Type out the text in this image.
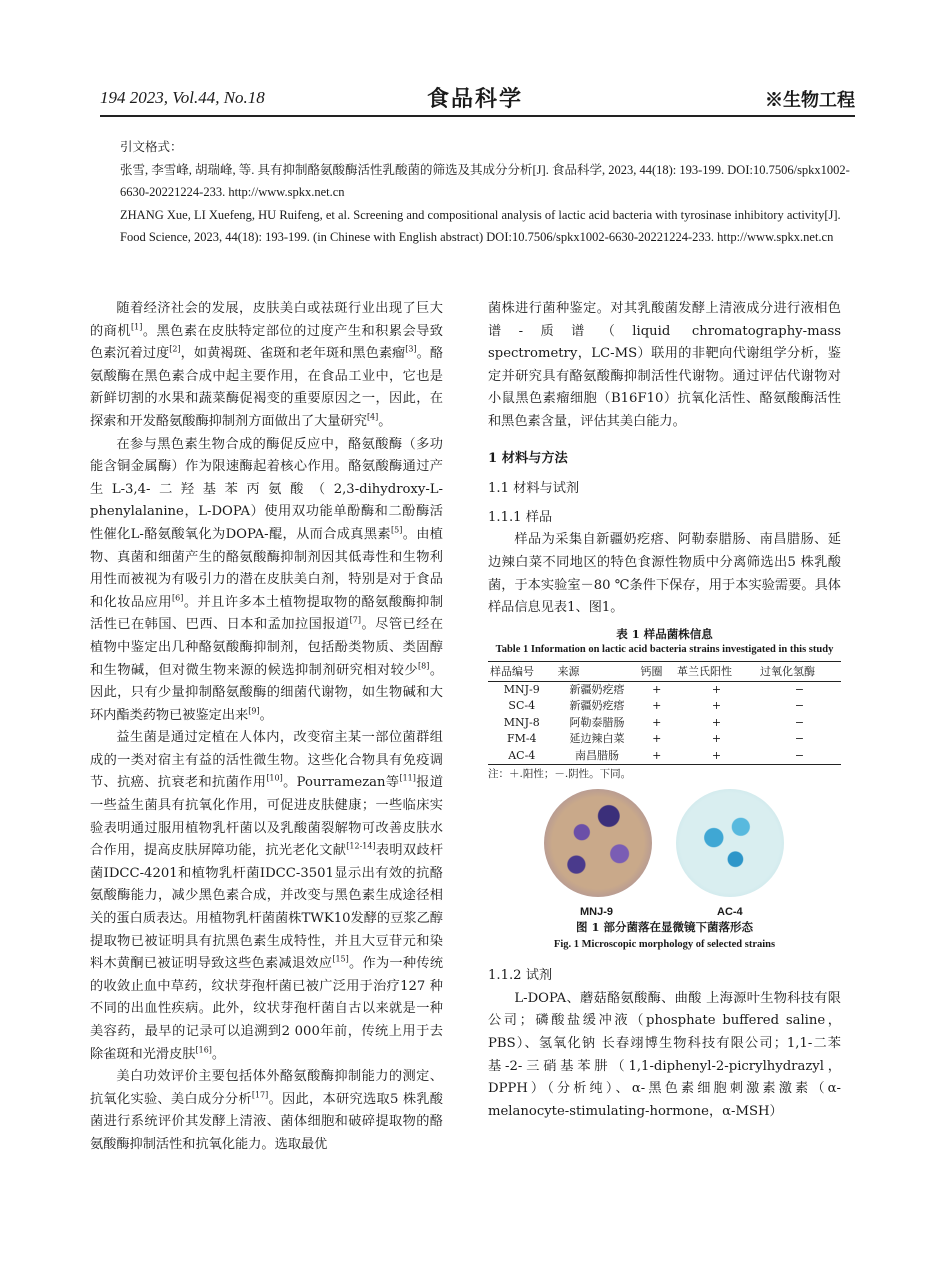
194 2023, Vol.44, No.18	食品科学	※生物工程

引文格式：

张雪, 李雪峰, 胡瑞峰, 等. 具有抑制酪氨酸酶活性乳酸菌的筛选及其成分分析[J]. 食品科学, 2023, 44(18): 193-199. DOI:10.7506/spkx1002-6630-20221224-233. http://www.spkx.net.cn

ZHANG Xue, LI Xuefeng, HU Ruifeng, et al. Screening and compositional analysis of lactic acid bacteria with tyrosinase inhibitory activity[J]. Food Science, 2023, 44(18): 193-199. (in Chinese with English abstract) DOI:10.7506/spkx1002-6630-20221224-233. http://www.spkx.net.cn

随着经济社会的发展，皮肤美白或祛斑行业出现了巨大的商机[1]。黑色素在皮肤特定部位的过度产生和积累会导致色素沉着过度[2]，如黄褐斑、雀斑和老年斑和黑色素瘤[3]。酪氨酸酶在黑色素合成中起主要作用，在食品工业中，它也是新鲜切割的水果和蔬菜酶促褐变的重要原因之一，因此，在探索和开发酪氨酸酶抑制剂方面做出了大量研究[4]。

在参与黑色素生物合成的酶促反应中，酪氨酸酶（多功能含铜金属酶）作为限速酶起着核心作用。酪氨酸酶通过产生L-3,4-二羟基苯丙氨酸（2,3-dihydroxy-L-phenylalanine，L-DOPA）使用双功能单酚酶和二酚酶活性催化L-酪氨酸氧化为DOPA-醌，从而合成真黑素[5]。由植物、真菌和细菌产生的酪氨酸酶抑制剂因其低毒性和生物利用性而被视为有吸引力的潜在皮肤美白剂，特别是对于食品和化妆品应用[6]。并且许多本土植物提取物的酪氨酸酶抑制活性已在韩国、巴西、日本和孟加拉国报道[7]。尽管已经在植物中鉴定出几种酪氨酸酶抑制剂，包括酚类物质、类固醇和生物碱，但对微生物来源的候选抑制剂研究相对较少[8]。因此，只有少量抑制酪氨酸酶的细菌代谢物，如生物碱和大环内酯类药物已被鉴定出来[9]。

益生菌是通过定植在人体内，改变宿主某一部位菌群组成的一类对宿主有益的活性微生物。这些化合物具有免疫调节、抗癌、抗衰老和抗菌作用[10]。Pourramezan等[11]报道一些益生菌具有抗氧化作用，可促进皮肤健康；一些临床实验表明通过服用植物乳杆菌以及乳酸菌裂解物可改善皮肤水合作用，提高皮肤屏障功能，抗光老化文献[12-14]表明双歧杆菌IDCC-4201和植物乳杆菌IDCC-3501显示出有效的抗酪氨酸酶能力，减少黑色素合成，并改变与黑色素生成途径相关的蛋白质表达。用植物乳杆菌菌株TWK10发酵的豆浆乙醇提取物已被证明具有抗黑色素生成特性，并且大豆苷元和染料木黄酮已被证明导致这些色素减退效应[15]。作为一种传统的收敛止血中草药，纹状芽孢杆菌已被广泛用于治疗127 种不同的出血性疾病。此外，纹状芽孢杆菌自古以来就是一种美容药，最早的记录可以追溯到2 000年前，传统上用于去除雀斑和光滑皮肤[16]。

美白功效评价主要包括体外酪氨酸酶抑制能力的测定、抗氧化实验、美白成分分析[17]。因此，本研究选取5 株乳酸菌进行系统评价其发酵上清液、菌体细胞和破碎提取物的酪氨酸酶抑制活性和抗氧化能力。选取最优

菌株进行菌种鉴定。对其乳酸菌发酵上清液成分进行液相色谱-质谱（liquid chromatography-mass spectrometry，LC-MS）联用的非靶向代谢组学分析，鉴定并研究具有酪氨酸酶抑制活性代谢物。通过评估代谢物对小鼠黑色素瘤细胞（B16F10）抗氧化活性、酪氨酸酶活性和黑色素含量，评估其美白能力。

1 材料与方法

1.1 材料与试剂

1.1.1 样品

样品为采集自新疆奶疙瘩、阿勒泰腊肠、南昌腊肠、延边辣白菜不同地区的特色食源性物质中分离筛选出5 株乳酸菌，于本实验室－80 ℃条件下保存，用于本实验需要。具体样品信息见表1、图1。

表 1 样品菌株信息
Table 1 Information on lactic acid bacteria strains investigated in this study
样品编号	来源	钙圈	革兰氏阳性	过氧化氢酶
MNJ-9	新疆奶疙瘩	+	+	−
SC-4	新疆奶疙瘩	+	+	−
MNJ-8	阿勒泰腊肠	+	+	−
FM-4	延边辣白菜	+	+	−
AC-4	南昌腊肠	+	+	−

注：＋.阳性；－.阴性。下同。

MNJ-9	AC-4

图 1 部分菌落在显微镜下菌落形态

Fig. 1 Microscopic morphology of selected strains

1.1.2 试剂

L-DOPA、蘑菇酪氨酸酶、曲酸 上海源叶生物科技有限公司；磷酸盐缓冲液（phosphate buffered saline，PBS）、氢氧化钠 长春翊博生物科技有限公司；1,1-二苯基-2-三硝基苯肼（1,1-diphenyl-2-picrylhydrazyl，DPPH）（分析纯）、α-黑色素细胞刺激素激素（α-melanocyte-stimulating-hormone，α-MSH）
